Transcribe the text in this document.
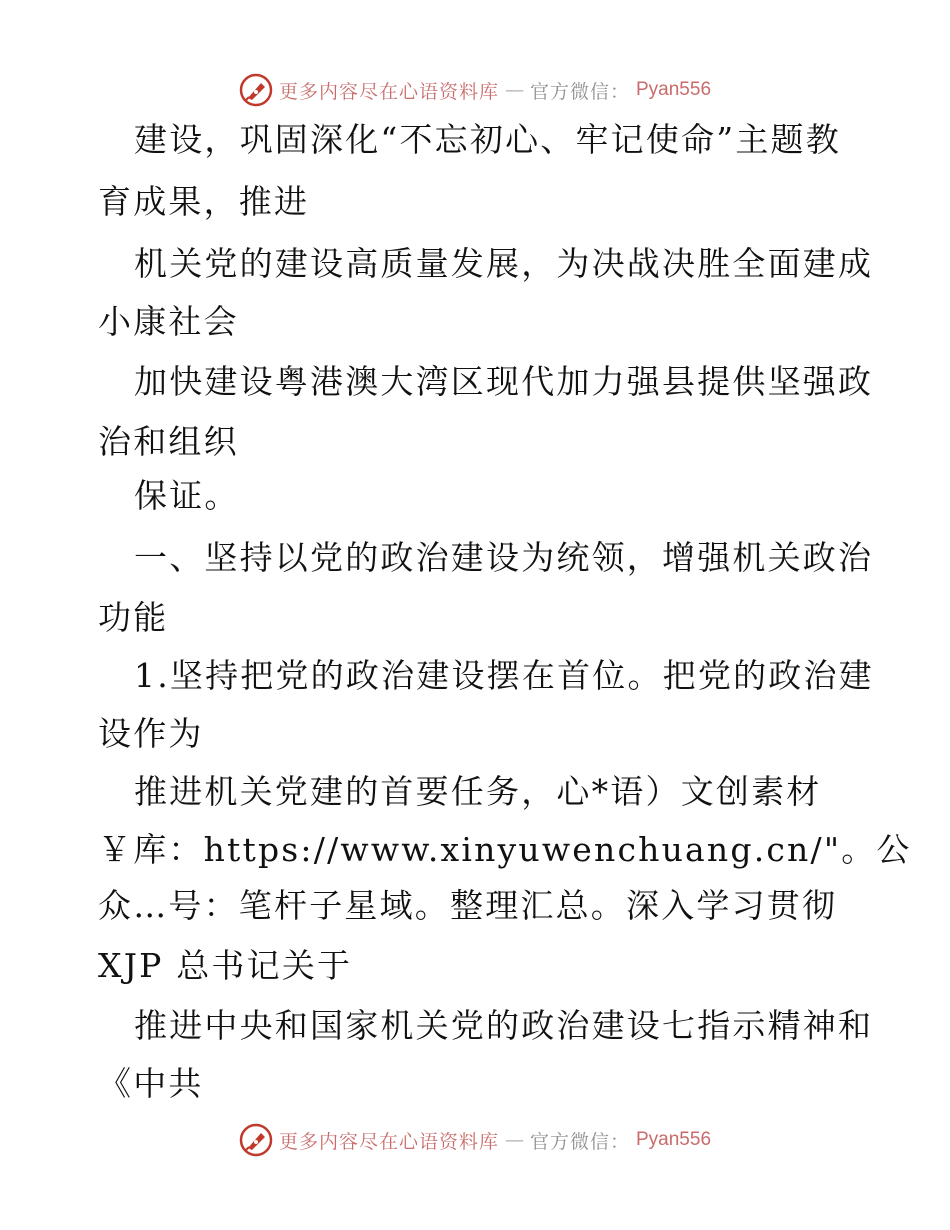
更多内容尽在心语资料库 — 官方微信： Pyan556
建设，巩固深化“不忘初心、牢记使命”主题教
育成果，推进
机关党的建设高质量发展，为决战决胜全面建成
小康社会
加快建设粤港澳大湾区现代加力强县提供坚强政
治和组织
保证。
一、坚持以党的政治建设为统领，增强机关政治
功能
1.坚持把党的政治建设摆在首位。把党的政治建
设作为
推进机关党建的首要任务，心*语）文创素材
￥库：https://www.xinyuwenchuang.cn/"。公
众…号：笔杆子星域。整理汇总。深入学习贯彻
XJP 总书记关于
推进中央和国家机关党的政治建设七指示精神和
《中共
更多内容尽在心语资料库 — 官方微信： Pyan556
